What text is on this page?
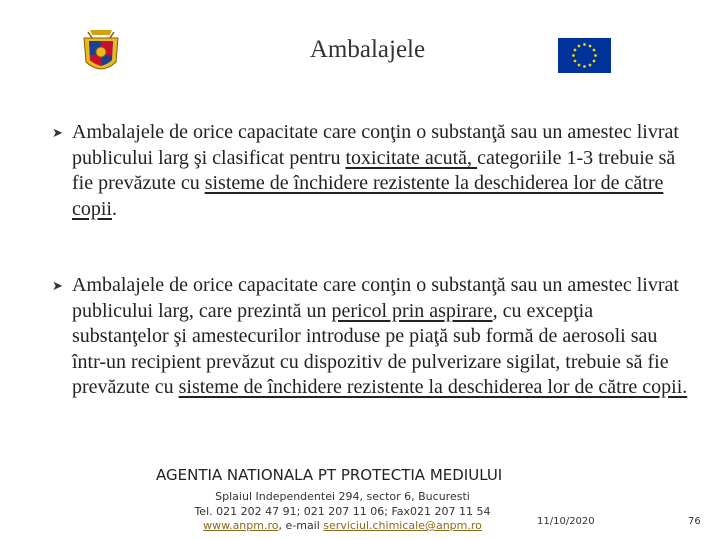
Ambalajele
➤ Ambalajele de orice capacitate care conţin o substanţă sau un amestec livrat publicului larg şi clasificat pentru toxicitate acută, categoriile 1-3 trebuie să fie prevăzute cu sisteme de închidere rezistente la deschiderea lor de către copii.
➤ Ambalajele de orice capacitate care conţin o substanţă sau un amestec livrat publicului larg, care prezintă un pericol prin aspirare, cu excepţia substanţelor şi amestecurilor introduse pe piaţă sub formă de aerosoli sau într-un recipient prevăzut cu dispozitiv de pulverizare sigilat, trebuie să fie prevăzute cu sisteme de închidere rezistente la deschiderea lor de către copii.
AGENTIA NATIONALA PT PROTECTIA MEDIULUI
Splaiul Independentei 294, sector 6, Bucuresti
Tel. 021 202 47 91; 021 207 11 06; Fax021 207 11 54
www.anpm.ro, e-mail serviciul.chimicale@anpm.ro	11/10/2020	76
